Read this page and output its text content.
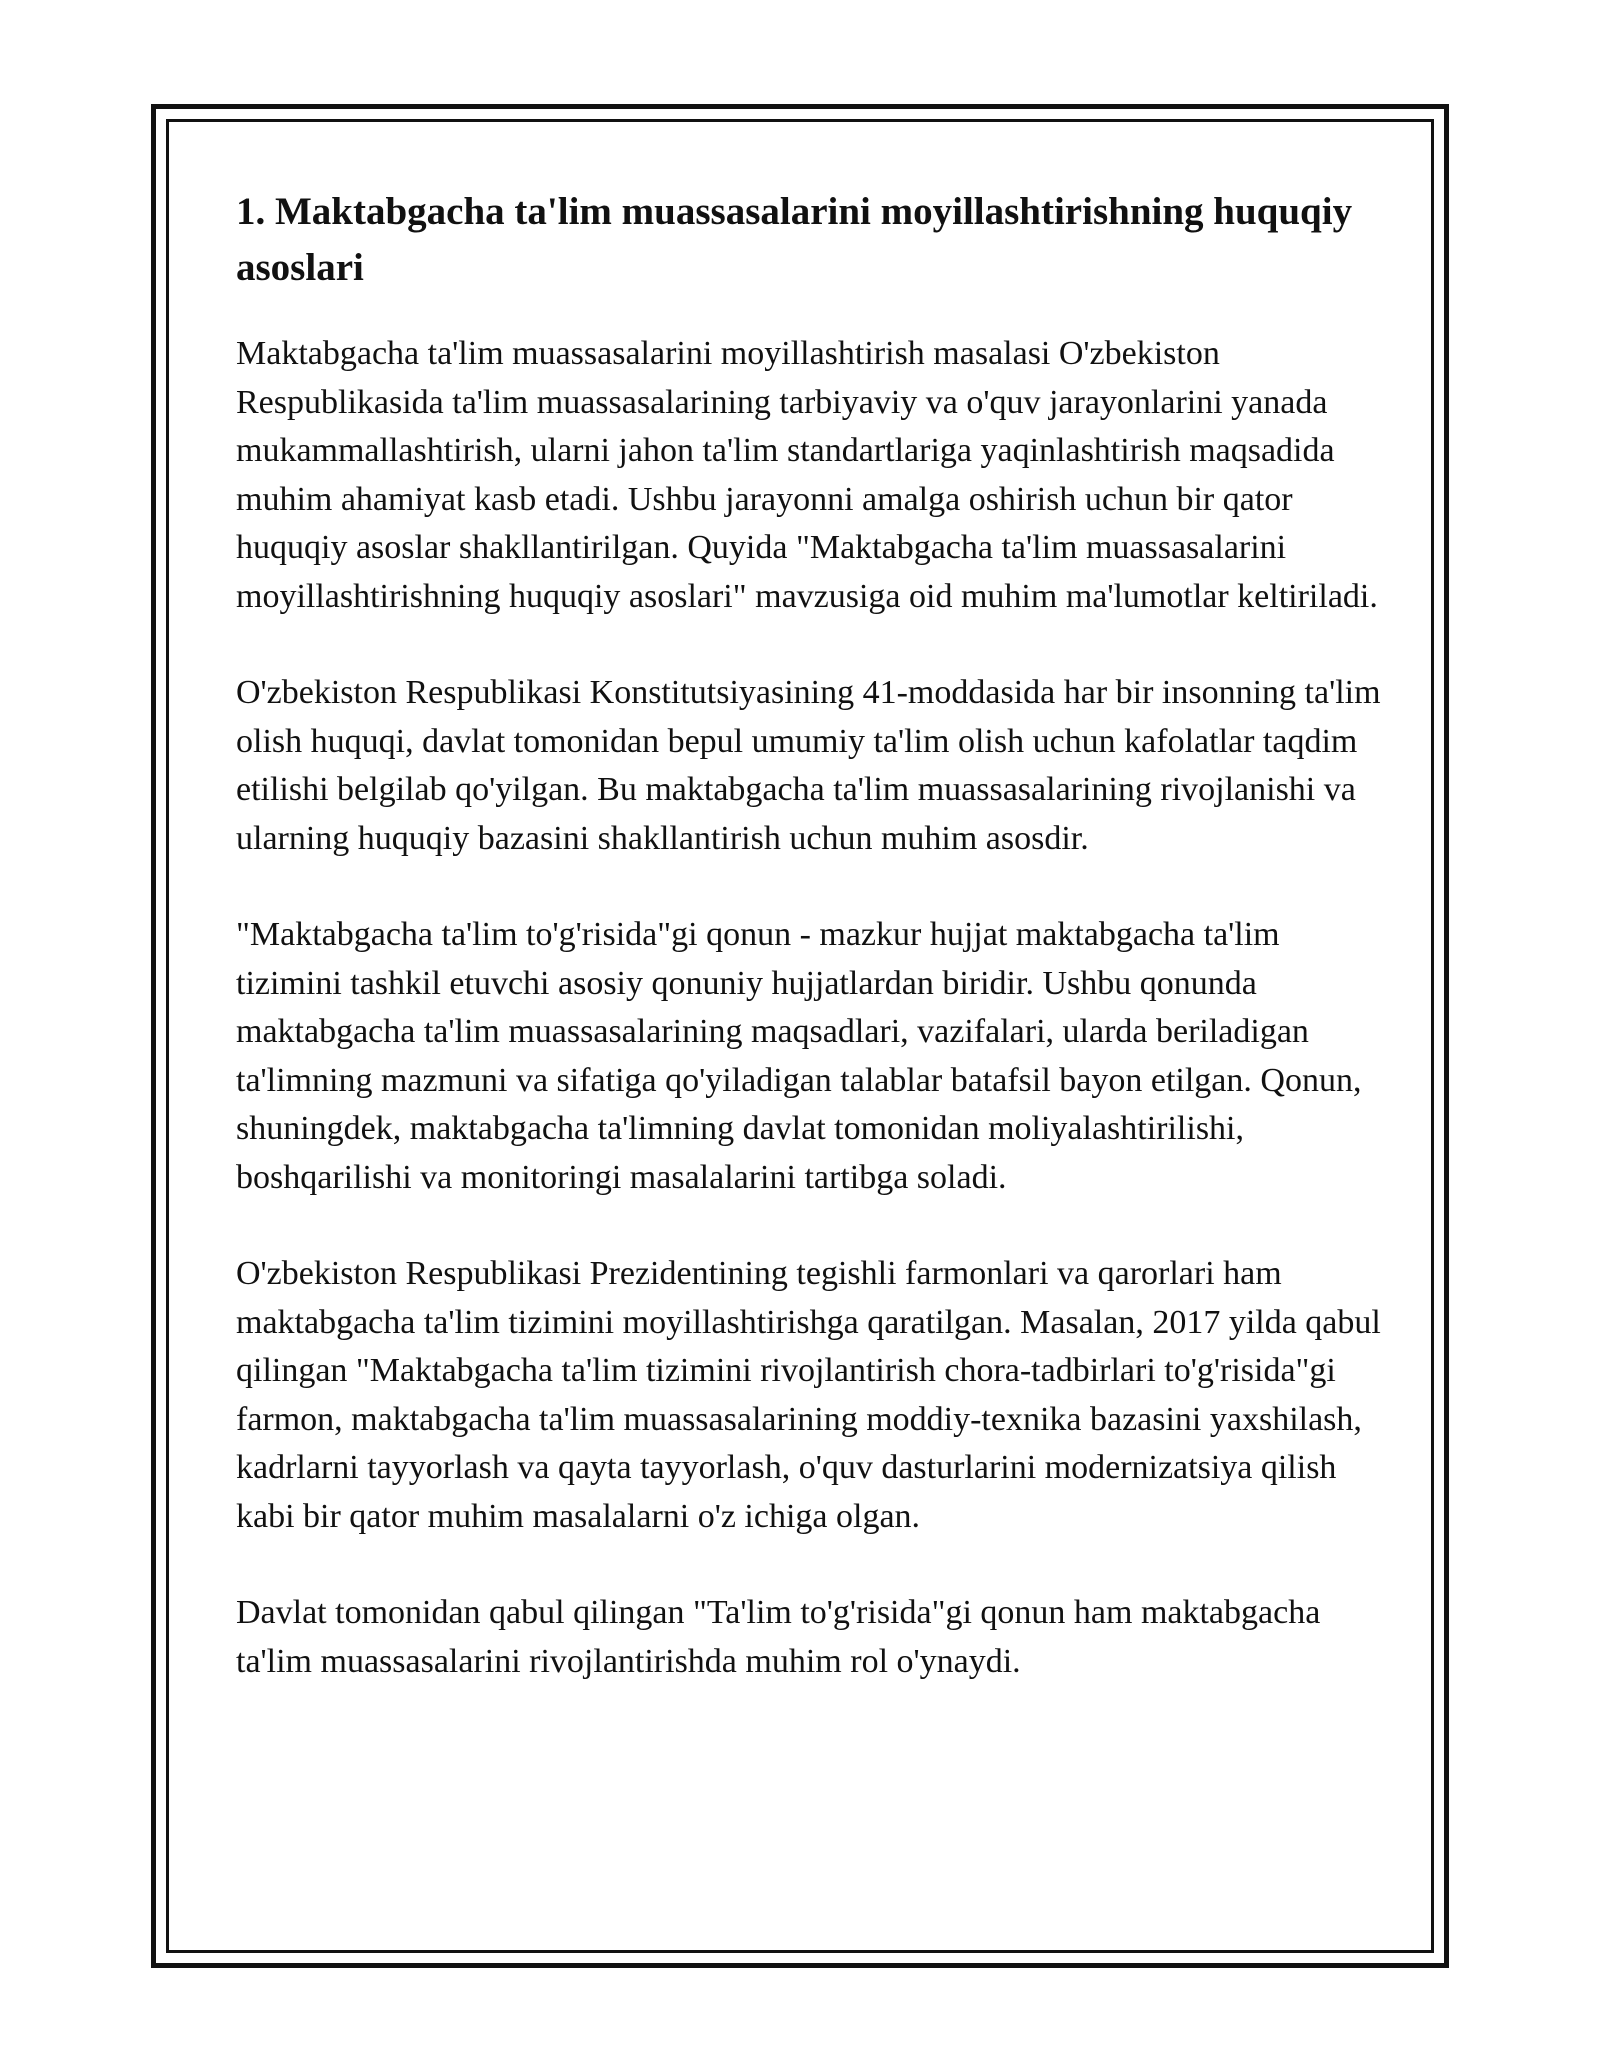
1. Maktabgacha ta'lim muassasalarini moyillashtirishning huquqiy asoslari

Maktabgacha ta'lim muassasalarini moyillashtirish masalasi O'zbekiston Respublikasida ta'lim muassasalarining tarbiyaviy va o'quv jarayonlarini yanada mukammallashtirish, ularni jahon ta'lim standartlariga yaqinlashtirish maqsadida muhim ahamiyat kasb etadi. Ushbu jarayonni amalga oshirish uchun bir qator huquqiy asoslar shakllantirilgan. Quyida "Maktabgacha ta'lim muassasalarini moyillashtirishning huquqiy asoslari" mavzusiga oid muhim ma'lumotlar keltiriladi.

O'zbekiston Respublikasi Konstitutsiyasining 41-moddasida har bir insonning ta'lim olish huquqi, davlat tomonidan bepul umumiy ta'lim olish uchun kafolatlar taqdim etilishi belgilab qo'yilgan. Bu maktabgacha ta'lim muassasalarining rivojlanishi va ularning huquqiy bazasini shakllantirish uchun muhim asosdir.

"Maktabgacha ta'lim to'g'risida"gi qonun - mazkur hujjat maktabgacha ta'lim tizimini tashkil etuvchi asosiy qonuniy hujjatlardan biridir. Ushbu qonunda maktabgacha ta'lim muassasalarining maqsadlari, vazifalari, ularda beriladigan ta'limning mazmuni va sifatiga qo'yiladigan talablar batafsil bayon etilgan. Qonun, shuningdek, maktabgacha ta'limning davlat tomonidan moliyalashtirilishi, boshqarilishi va monitoringi masalalarini tartibga soladi.

O'zbekiston Respublikasi Prezidentining tegishli farmonlari va qarorlari ham maktabgacha ta'lim tizimini moyillashtirishga qaratilgan. Masalan, 2017 yilda qabul qilingan "Maktabgacha ta'lim tizimini rivojlantirish chora-tadbirlari to'g'risida"gi farmon, maktabgacha ta'lim muassasalarining moddiy-texnika bazasini yaxshilash, kadrlarni tayyorlash va qayta tayyorlash, o'quv dasturlarini modernizatsiya qilish kabi bir qator muhim masalalarni o'z ichiga olgan.

Davlat tomonidan qabul qilingan "Ta'lim to'g'risida"gi qonun ham maktabgacha ta'lim muassasalarini rivojlantirishda muhim rol o'ynaydi.
